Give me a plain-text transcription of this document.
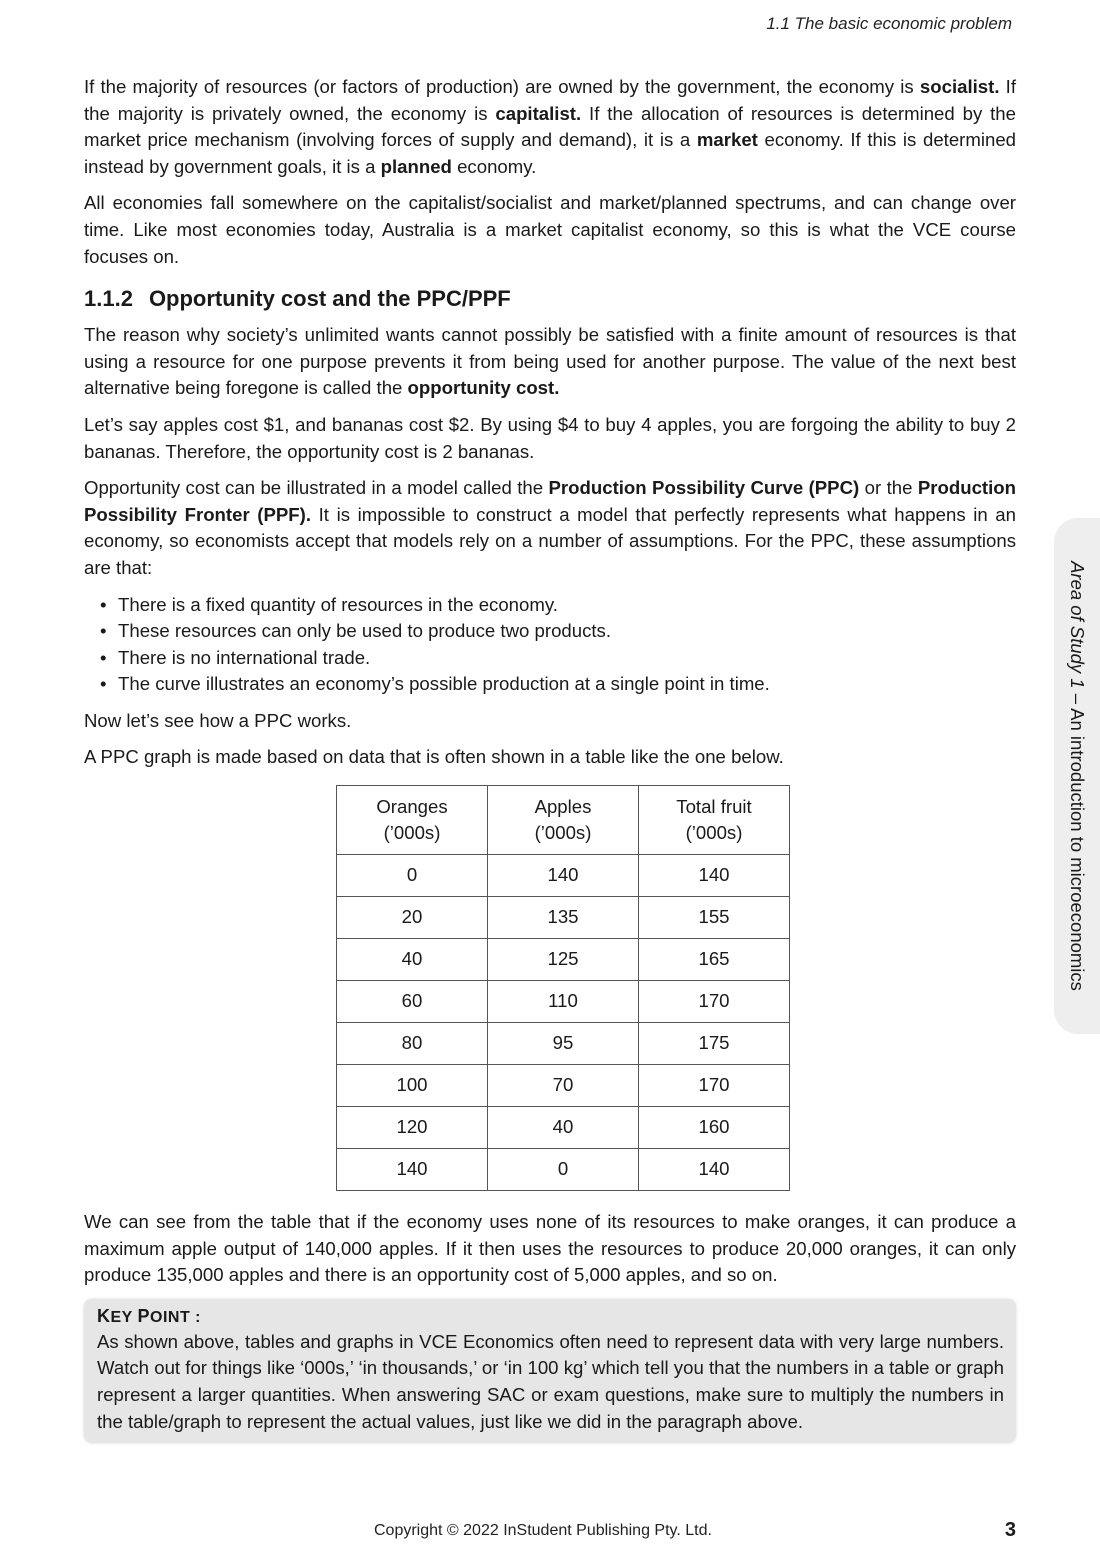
1.1 The basic economic problem

If the majority of resources (or factors of production) are owned by the government, the economy is socialist. If the majority is privately owned, the economy is capitalist. If the allocation of resources is determined by the market price mechanism (involving forces of supply and demand), it is a market economy. If this is determined instead by government goals, it is a planned economy.

All economies fall somewhere on the capitalist/socialist and market/planned spectrums, and can change over time. Like most economies today, Australia is a market capitalist economy, so this is what the VCE course focuses on.

1.1.2 Opportunity cost and the PPC/PPF

The reason why society’s unlimited wants cannot possibly be satisfied with a finite amount of resources is that using a resource for one purpose prevents it from being used for another purpose. The value of the next best alternative being foregone is called the opportunity cost.

Let’s say apples cost $1, and bananas cost $2. By using $4 to buy 4 apples, you are forgoing the ability to buy 2 bananas. Therefore, the opportunity cost is 2 bananas.

Opportunity cost can be illustrated in a model called the Production Possibility Curve (PPC) or the Production Possibility Fronter (PPF). It is impossible to construct a model that perfectly represents what happens in an economy, so economists accept that models rely on a number of assumptions. For the PPC, these assumptions are that:

• There is a fixed quantity of resources in the economy.
• These resources can only be used to produce two products.
• There is no international trade.
• The curve illustrates an economy’s possible production at a single point in time.

Now let’s see how a PPC works.

A PPC graph is made based on data that is often shown in a table like the one below.

Oranges
(’000s)	Apples
(’000s)	Total fruit
(’000s)
0	140	140
20	135	155
40	125	165
60	110	170
80	95	175
100	70	170
120	40	160
140	0	140

We can see from the table that if the economy uses none of its resources to make oranges, it can produce a maximum apple output of 140,000 apples. If it then uses the resources to produce 20,000 oranges, it can only produce 135,000 apples and there is an opportunity cost of 5,000 apples, and so on.

KEY POINT :

As shown above, tables and graphs in VCE Economics often need to represent data with very large numbers. Watch out for things like ‘000s,’ ‘in thousands,’ or ‘in 100 kg’ which tell you that the numbers in a table or graph represent a larger quantities. When answering SAC or exam questions, make sure to multiply the numbers in the table/graph to represent the actual values, just like we did in the paragraph above.

Area of Study 1 – An introduction to microeconomics
Copyright © 2022 InStudent Publishing Pty. Ltd.	3
